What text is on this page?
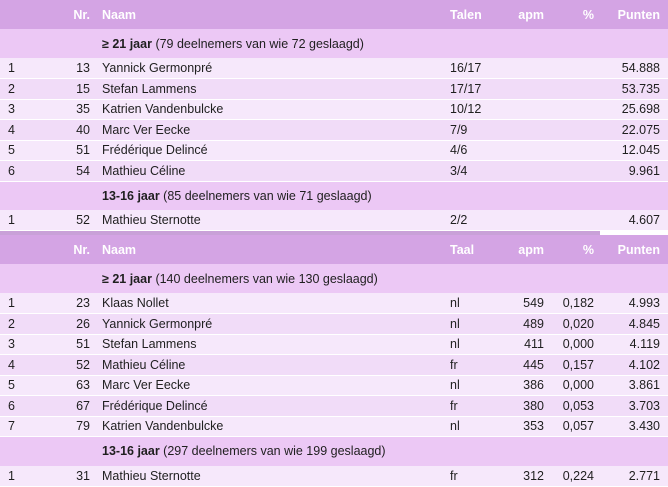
	Nr.	Naam	Talen	apm	%	Punten
		≥ 21 jaar (79 deelnemers van wie 72 geslaagd)				
1	13	Yannick Germonpré	16/17			54.888
2	15	Stefan Lammens	17/17			53.735
3	35	Katrien Vandenbulcke	10/12			25.698
4	40	Marc Ver Eecke	7/9			22.075
5	51	Frédérique Delincé	4/6			12.045
6	54	Mathieu Céline	3/4			9.961
		13-16 jaar (85 deelnemers van wie 71 geslaagd)				
1	52	Mathieu Sternotte	2/2			4.607
	Nr.	Naam	Taal	apm	%	Punten
		≥ 21 jaar (140 deelnemers van wie 130 geslaagd)				
1	23	Klaas Nollet	nl	549	0,182	4.993
2	26	Yannick Germonpré	nl	489	0,020	4.845
3	51	Stefan Lammens	nl	411	0,000	4.119
4	52	Mathieu Céline	fr	445	0,157	4.102
5	63	Marc Ver Eecke	nl	386	0,000	3.861
6	67	Frédérique Delincé	fr	380	0,053	3.703
7	79	Katrien Vandenbulcke	nl	353	0,057	3.430
		13-16 jaar (297 deelnemers van wie 199 geslaagd)				
1	31	Mathieu Sternotte	fr	312	0,224	2.771
